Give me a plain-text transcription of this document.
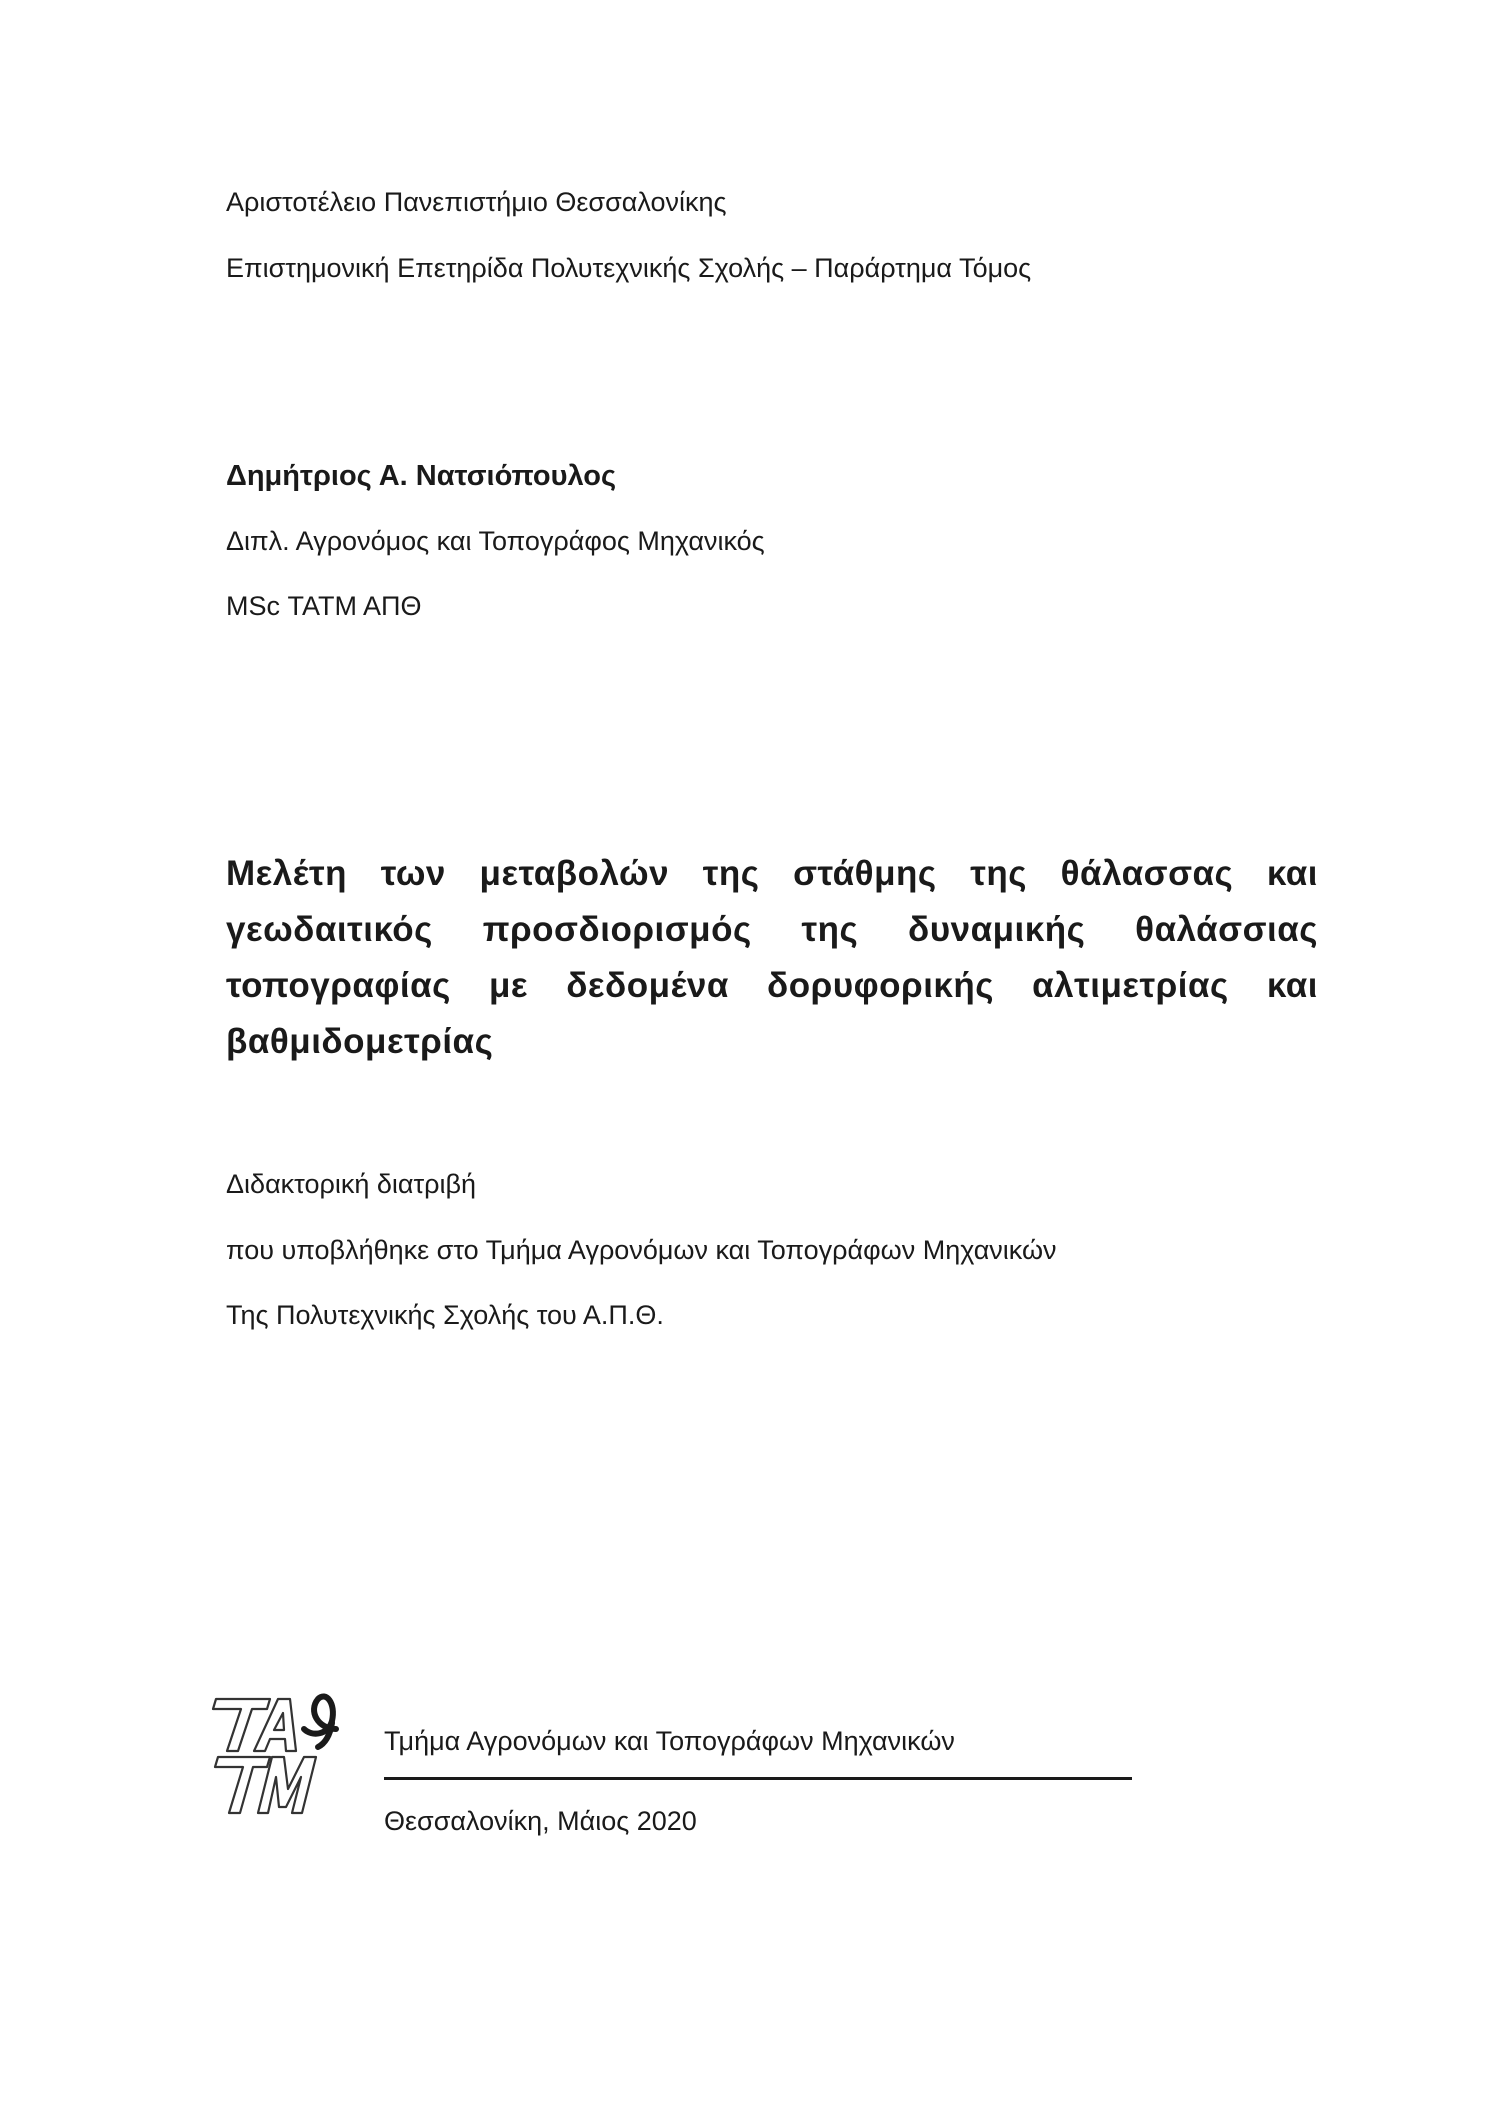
Αριστοτέλειο Πανεπιστήμιο Θεσσαλονίκης
Επιστημονική Επετηρίδα Πολυτεχνικής Σχολής – Παράρτημα Τόμος
Δημήτριος Α. Νατσιόπουλος
Διπλ. Αγρονόμος και Τοπογράφος Μηχανικός
MSc ΤΑΤΜ ΑΠΘ
Μελέτη των μεταβολών της στάθμης της θάλασσας και γεωδαιτικός προσδιορισμός της δυναμικής θαλάσσιας τοπογραφίας με δεδομένα δορυφορικής αλτιμετρίας και βαθμιδομετρίας
Διδακτορική διατριβή
που υποβλήθηκε στο Τμήμα Αγρονόμων και Τοπογράφων Μηχανικών
Της Πολυτεχνικής Σχολής του Α.Π.Θ.
Τμήμα Αγρονόμων και Τοπογράφων Μηχανικών
Θεσσαλονίκη, Μάιος 2020
